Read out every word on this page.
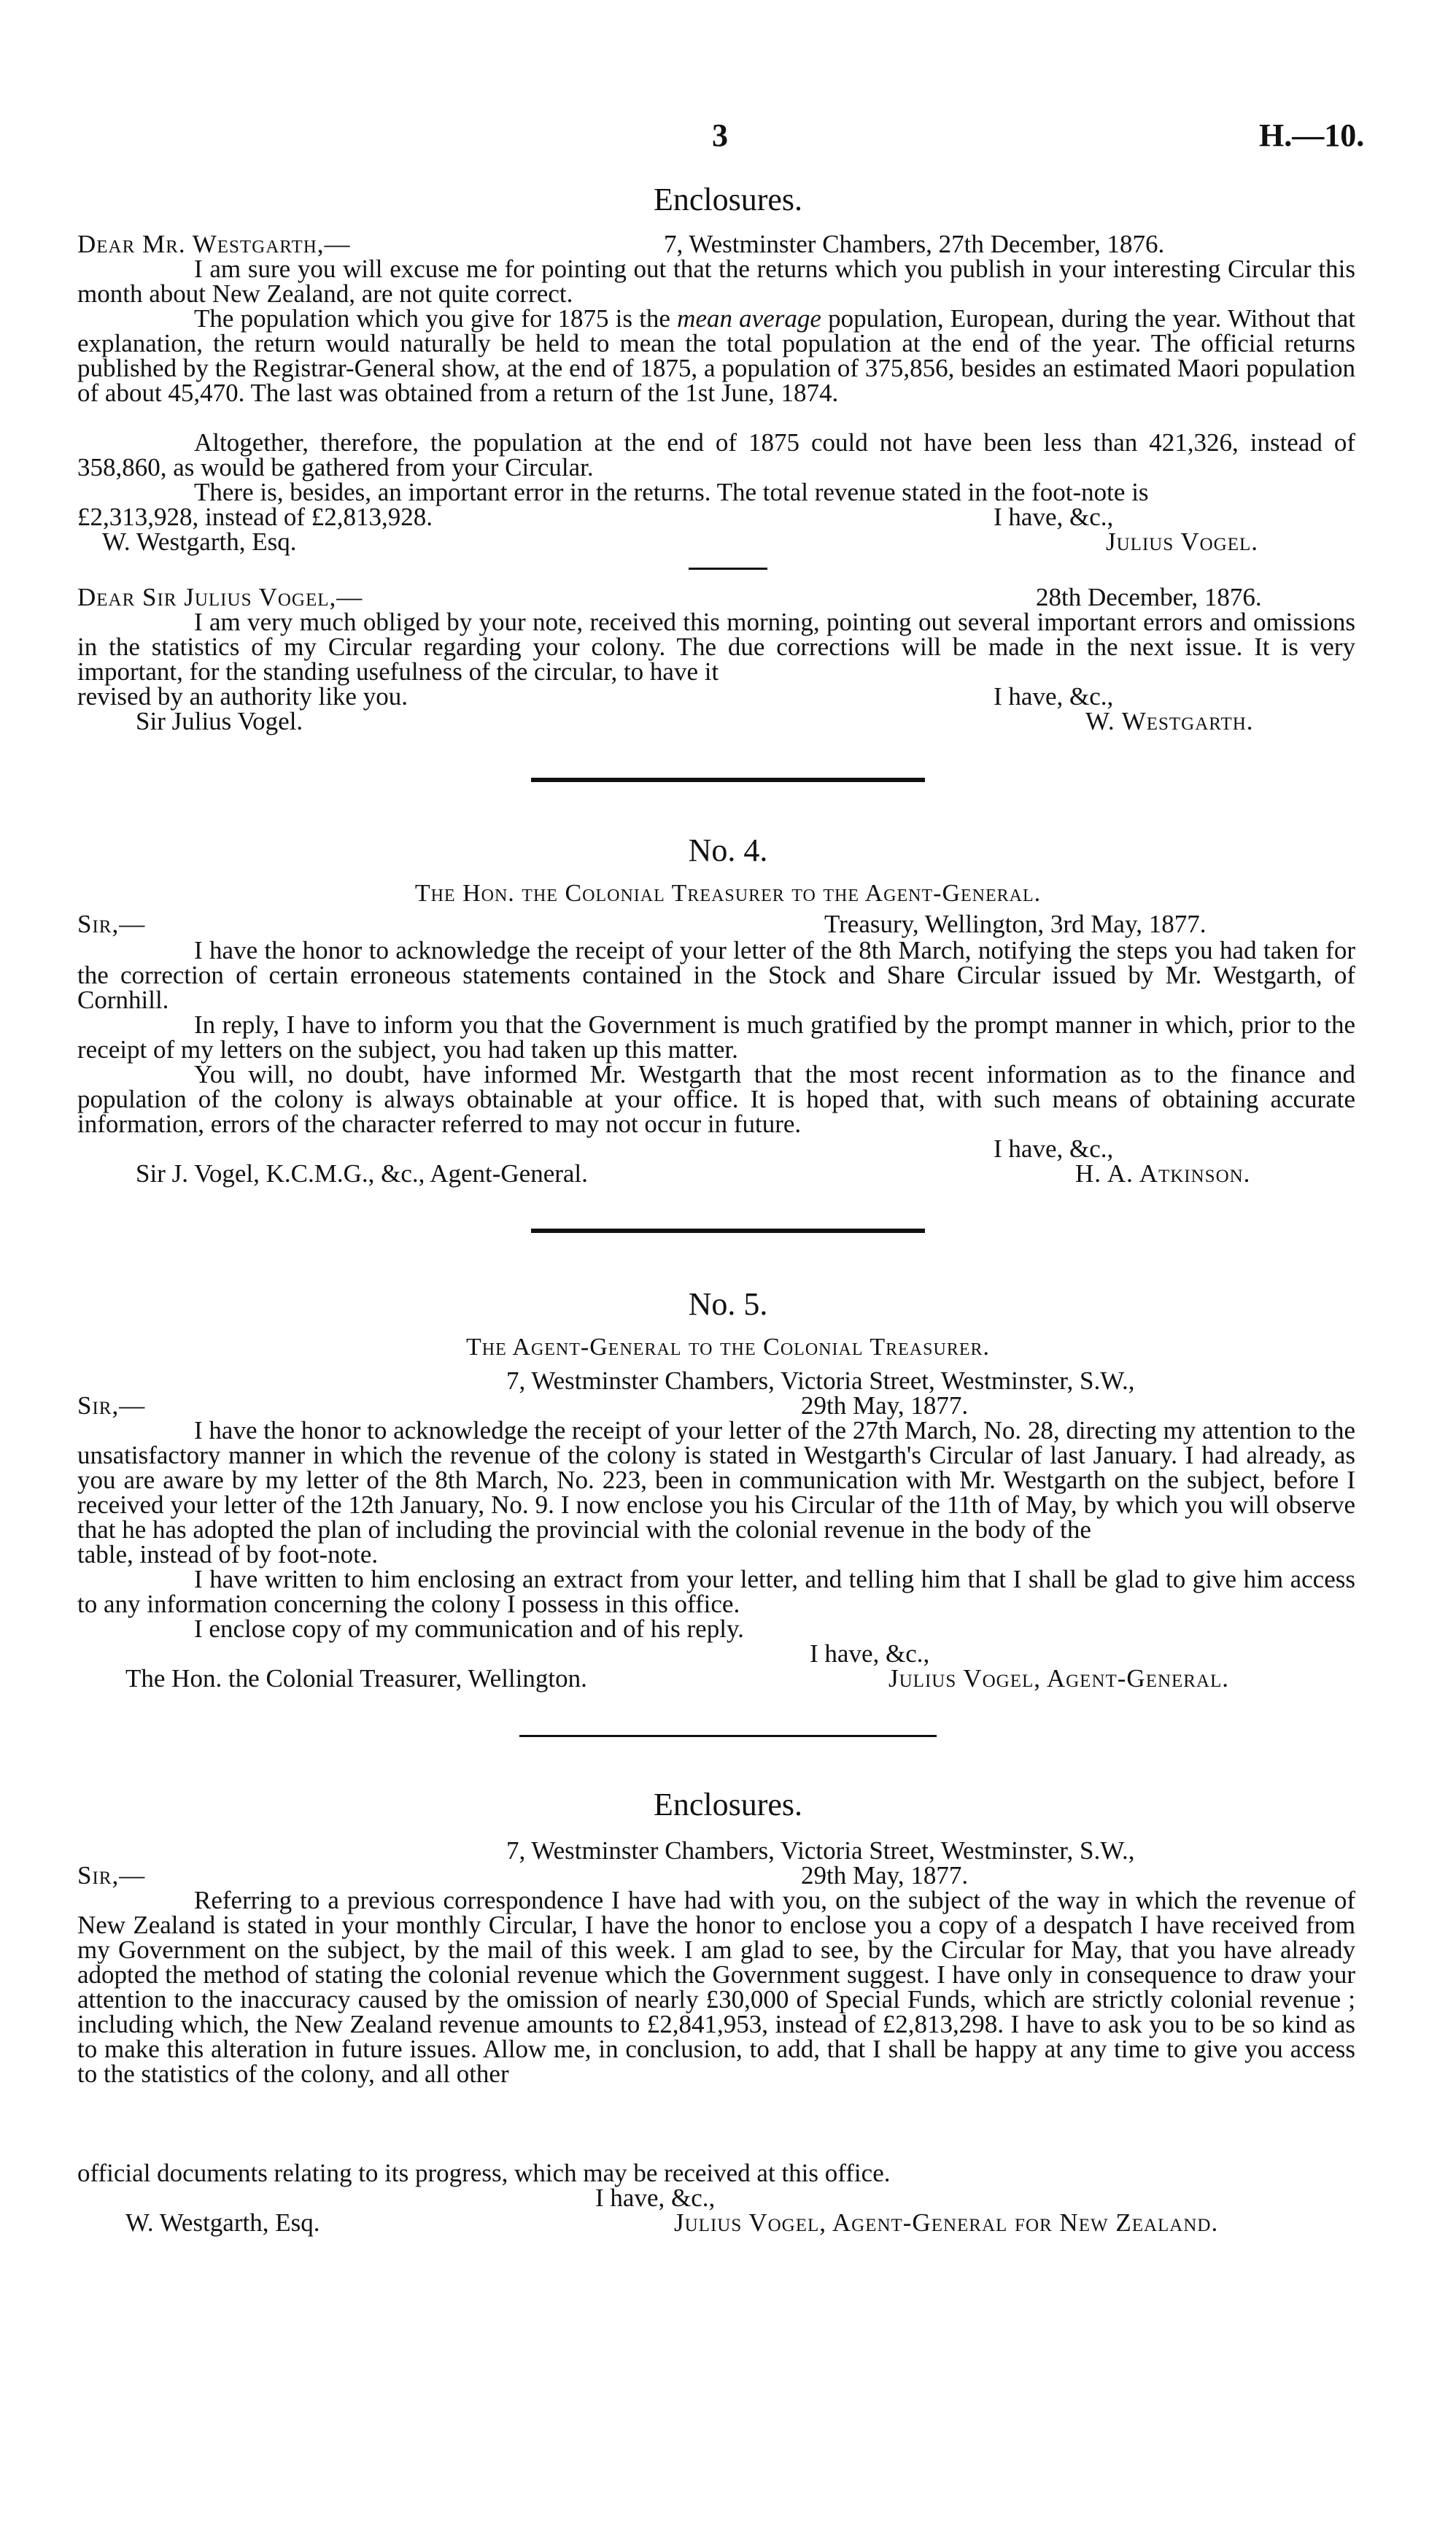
3	H.—10.
Enclosures.
Dear Mr. Westgarth,—	7, Westminster Chambers, 27th December, 1876.
I am sure you will excuse me for pointing out that the returns which you publish in your interesting Circular this month about New Zealand, are not quite correct.
The population which you give for 1875 is the mean average population, European, during the year. Without that explanation, the return would naturally be held to mean the total population at the end of the year. The official returns published by the Registrar-General show, at the end of 1875, a population of 375,856, besides an estimated Maori population of about 45,470. The last was obtained from a return of the 1st June, 1874.
Altogether, therefore, the population at the end of 1875 could not have been less than 421,326, instead of 358,860, as would be gathered from your Circular.
There is, besides, an important error in the returns. The total revenue stated in the foot-note is
£2,313,928, instead of £2,813,928.	I have, &c.,
W. Westgarth, Esq.	Julius Vogel.
Dear Sir Julius Vogel,—	28th December, 1876.
I am very much obliged by your note, received this morning, pointing out several important errors and omissions in the statistics of my Circular regarding your colony. The due corrections will be made in the next issue. It is very important, for the standing usefulness of the circular, to have it
revised by an authority like you.	I have, &c.,
Sir Julius Vogel.	W. Westgarth.
No. 4.
The Hon. the Colonial Treasurer to the Agent-General.
Sir,—	Treasury, Wellington, 3rd May, 1877.
I have the honor to acknowledge the receipt of your letter of the 8th March, notifying the steps you had taken for the correction of certain erroneous statements contained in the Stock and Share Circular issued by Mr. Westgarth, of Cornhill.
In reply, I have to inform you that the Government is much gratified by the prompt manner in which, prior to the receipt of my letters on the subject, you had taken up this matter.
You will, no doubt, have informed Mr. Westgarth that the most recent information as to the finance and population of the colony is always obtainable at your office. It is hoped that, with such means of obtaining accurate information, errors of the character referred to may not occur in future.
I have, &c.,
Sir J. Vogel, K.C.M.G., &c., Agent-General.	H. A. Atkinson.
No. 5.
The Agent-General to the Colonial Treasurer.
7, Westminster Chambers, Victoria Street, Westminster, S.W.,
Sir,—	29th May, 1877.
I have the honor to acknowledge the receipt of your letter of the 27th March, No. 28, directing my attention to the unsatisfactory manner in which the revenue of the colony is stated in Westgarth's Circular of last January. I had already, as you are aware by my letter of the 8th March, No. 223, been in communication with Mr. Westgarth on the subject, before I received your letter of the 12th January, No. 9. I now enclose you his Circular of the 11th of May, by which you will observe that he has adopted the plan of including the provincial with the colonial revenue in the body of the
table, instead of by foot-note.
I have written to him enclosing an extract from your letter, and telling him that I shall be glad to give him access to any information concerning the colony I possess in this office.
I enclose copy of my communication and of his reply.
I have, &c.,
The Hon. the Colonial Treasurer, Wellington.	Julius Vogel, Agent-General.
Enclosures.
7, Westminster Chambers, Victoria Street, Westminster, S.W.,
Sir,—	29th May, 1877.
Referring to a previous correspondence I have had with you, on the subject of the way in which the revenue of New Zealand is stated in your monthly Circular, I have the honor to enclose you a copy of a despatch I have received from my Government on the subject, by the mail of this week. I am glad to see, by the Circular for May, that you have already adopted the method of stating the colonial revenue which the Government suggest. I have only in consequence to draw your attention to the inaccuracy caused by the omission of nearly £30,000 of Special Funds, which are strictly colonial revenue ; including which, the New Zealand revenue amounts to £2,841,953, instead of £2,813,298. I have to ask you to be so kind as to make this alteration in future issues. Allow me, in conclusion, to add, that I shall be happy at any time to give you access to the statistics of the colony, and all other
official documents relating to its progress, which may be received at this office.
I have, &c.,
W. Westgarth, Esq.	Julius Vogel, Agent-General for New Zealand.
